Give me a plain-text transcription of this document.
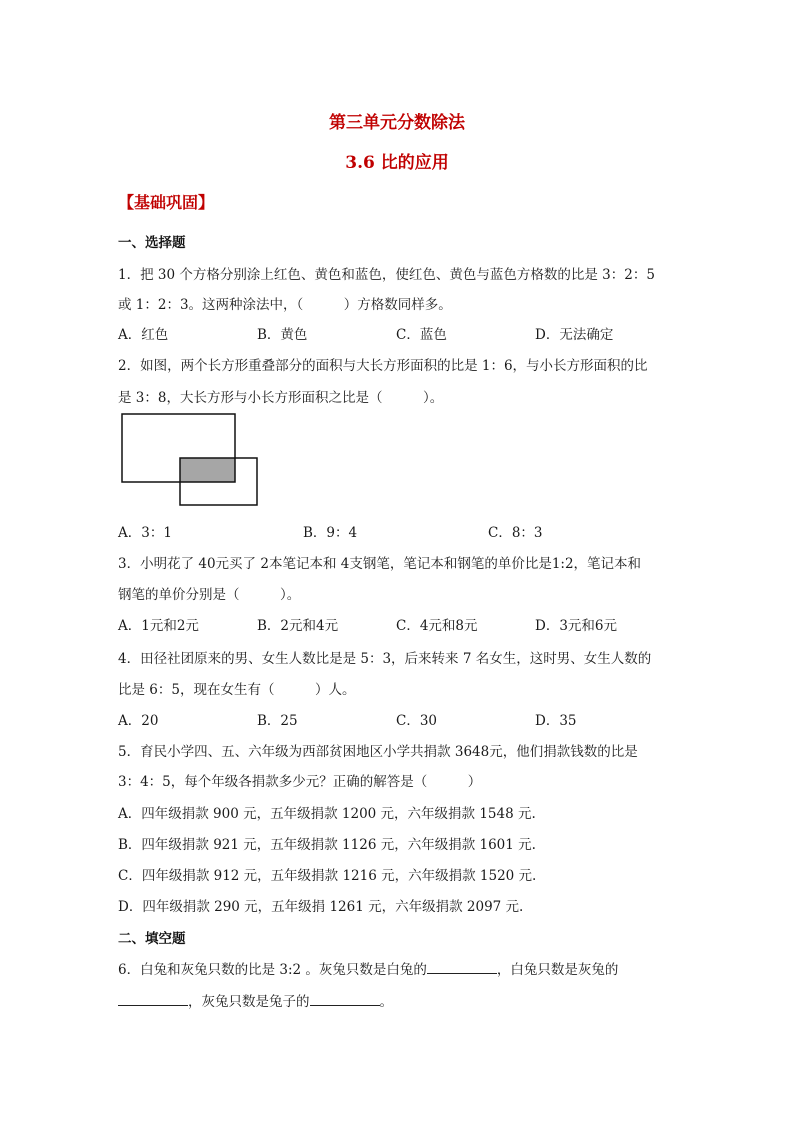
第三单元分数除法
3.6 比的应用
【基础巩固】
一、选择题
1．把 30 个方格分别涂上红色、黄色和蓝色，使红色、黄色与蓝色方格数的比是 3：2：5
或 1：2：3。这两种涂法中，（　　　）方格数同样多。
A．红色	B．黄色	C．蓝色	D．无法确定
2．如图，两个长方形重叠部分的面积与大长方形面积的比是 1：6，与小长方形面积的比
是 3：8，大长方形与小长方形面积之比是（　　　）。
A．3：1	B．9：4	C．8：3
3．小明花了 40元买了 2本笔记本和 4支钢笔，笔记本和钢笔的单价比是1:2，笔记本和
钢笔的单价分别是（　　　）。
A．1元和2元	B．2元和4元	C．4元和8元	D．3元和6元
4．田径社团原来的男、女生人数比是是 5：3，后来转来 7 名女生，这时男、女生人数的
比是 6：5，现在女生有（　　　）人。
A．20	B．25	C．30	D．35
5．育民小学四、五、六年级为西部贫困地区小学共捐款 3648元，他们捐款钱数的比是
3：4：5，每个年级各捐款多少元？正确的解答是（　　　）
A．四年级捐款 900 元，五年级捐款 1200 元，六年级捐款 1548 元.
B．四年级捐款 921 元，五年级捐款 1126 元，六年级捐款 1601 元.
C．四年级捐款 912 元，五年级捐款 1216 元，六年级捐款 1520 元.
D．四年级捐款 290 元，五年级捐 1261 元，六年级捐款 2097 元.
二、填空题
6．白兔和灰兔只数的比是 3:2 。灰兔只数是白兔的	，白兔只数是灰兔的
，灰兔只数是兔子的	。
